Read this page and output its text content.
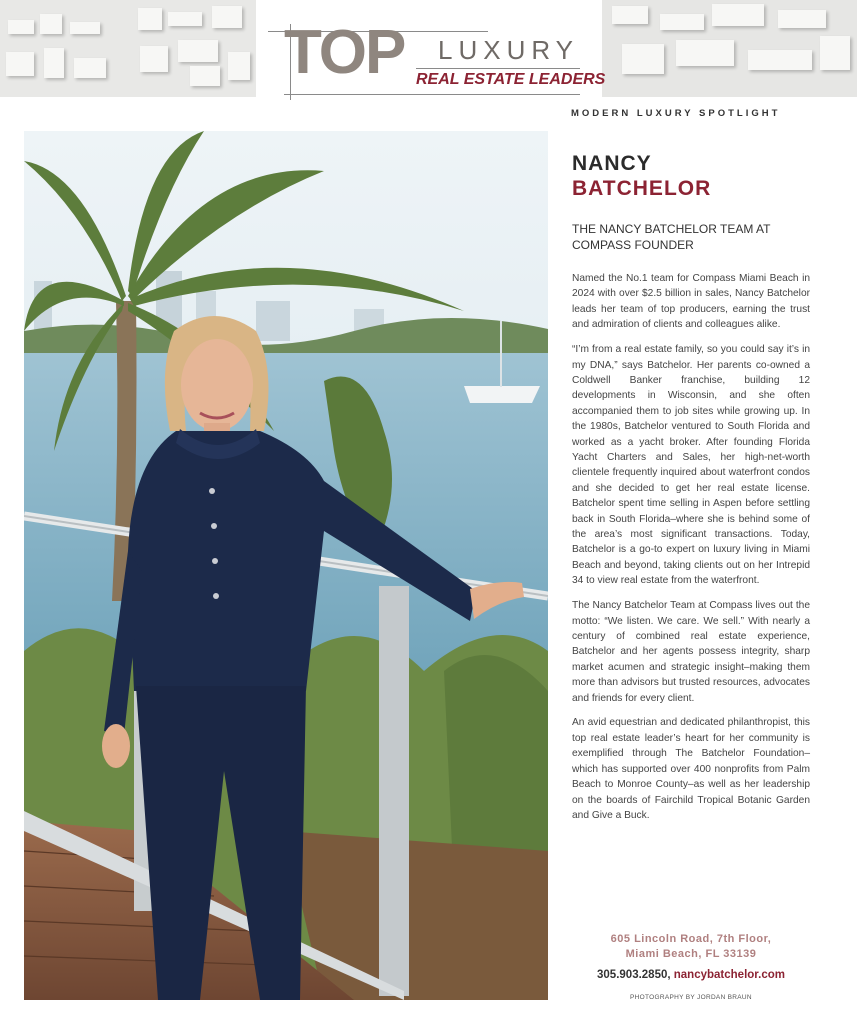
TOP LUXURY
REAL ESTATE LEADERS
MODERN LUXURY SPOTLIGHT
NANCY
BATCHELOR
THE NANCY BATCHELOR TEAM AT COMPASS FOUNDER

Named the No.1 team for Compass Miami Beach in 2024 with over $2.5 billion in sales, Nancy Batchelor leads her team of top producers, earning the trust and admiration of clients and colleagues alike.

“I’m from a real estate family, so you could say it’s in my DNA,” says Batchelor. Her parents co-owned a Coldwell Banker franchise, building 12 developments in Wisconsin, and she often accompanied them to job sites while growing up. In the 1980s, Batchelor ventured to South Florida and worked as a yacht broker. After founding Florida Yacht Charters and Sales, her high-net-worth clientele frequently inquired about waterfront condos and she decided to get her real estate license. Batchelor spent time selling in Aspen before settling back in South Florida–where she is behind some of the area’s most significant transactions. Today, Batchelor is a go-to expert on luxury living in Miami Beach and beyond, taking clients out on her Intrepid 34 to view real estate from the waterfront.

The Nancy Batchelor Team at Compass lives out the motto: “We listen. We care. We sell.” With nearly a century of combined real estate experience, Batchelor and her agents possess integrity, sharp market acumen and strategic insight–making them more than advisors but trusted resources, advocates and friends for every client.

An avid equestrian and dedicated philanthropist, this top real estate leader’s heart for her community is exemplified through The Batchelor Foundation–which has supported over 400 nonprofits from Palm Beach to Monroe County–as well as her leadership on the boards of Fairchild Tropical Botanic Garden and Give a Buck.

605 Lincoln Road, 7th Floor,
Miami Beach, FL 33139
305.903.2850, nancybatchelor.com
PHOTOGRAPHY BY JORDAN BRAUN
